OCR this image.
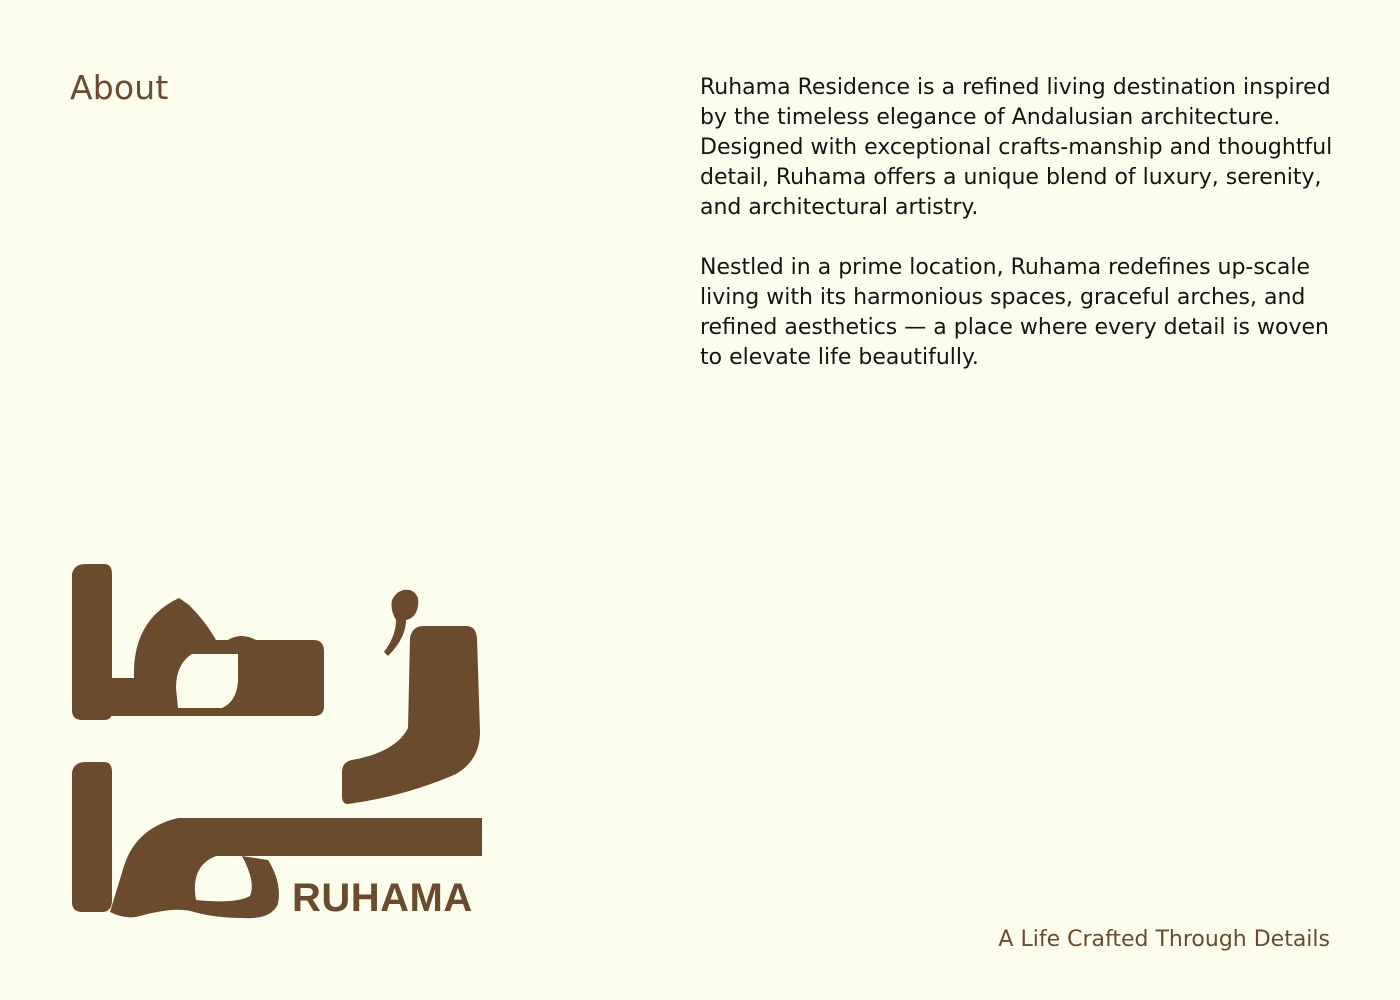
About	Ruhama Residence is a refined living destination inspired by the timeless elegance of Andalusian architecture. Designed with exceptional crafts-manship and thoughtful detail, Ruhama offers a unique blend of luxury, serenity, and architectural artistry.

Nestled in a prime location, Ruhama redefines up-scale living with its harmonious spaces, graceful arches, and refined aesthetics — a place where every detail is woven to elevate life beautifully.

RUHAMA

A Life Crafted Through Details
